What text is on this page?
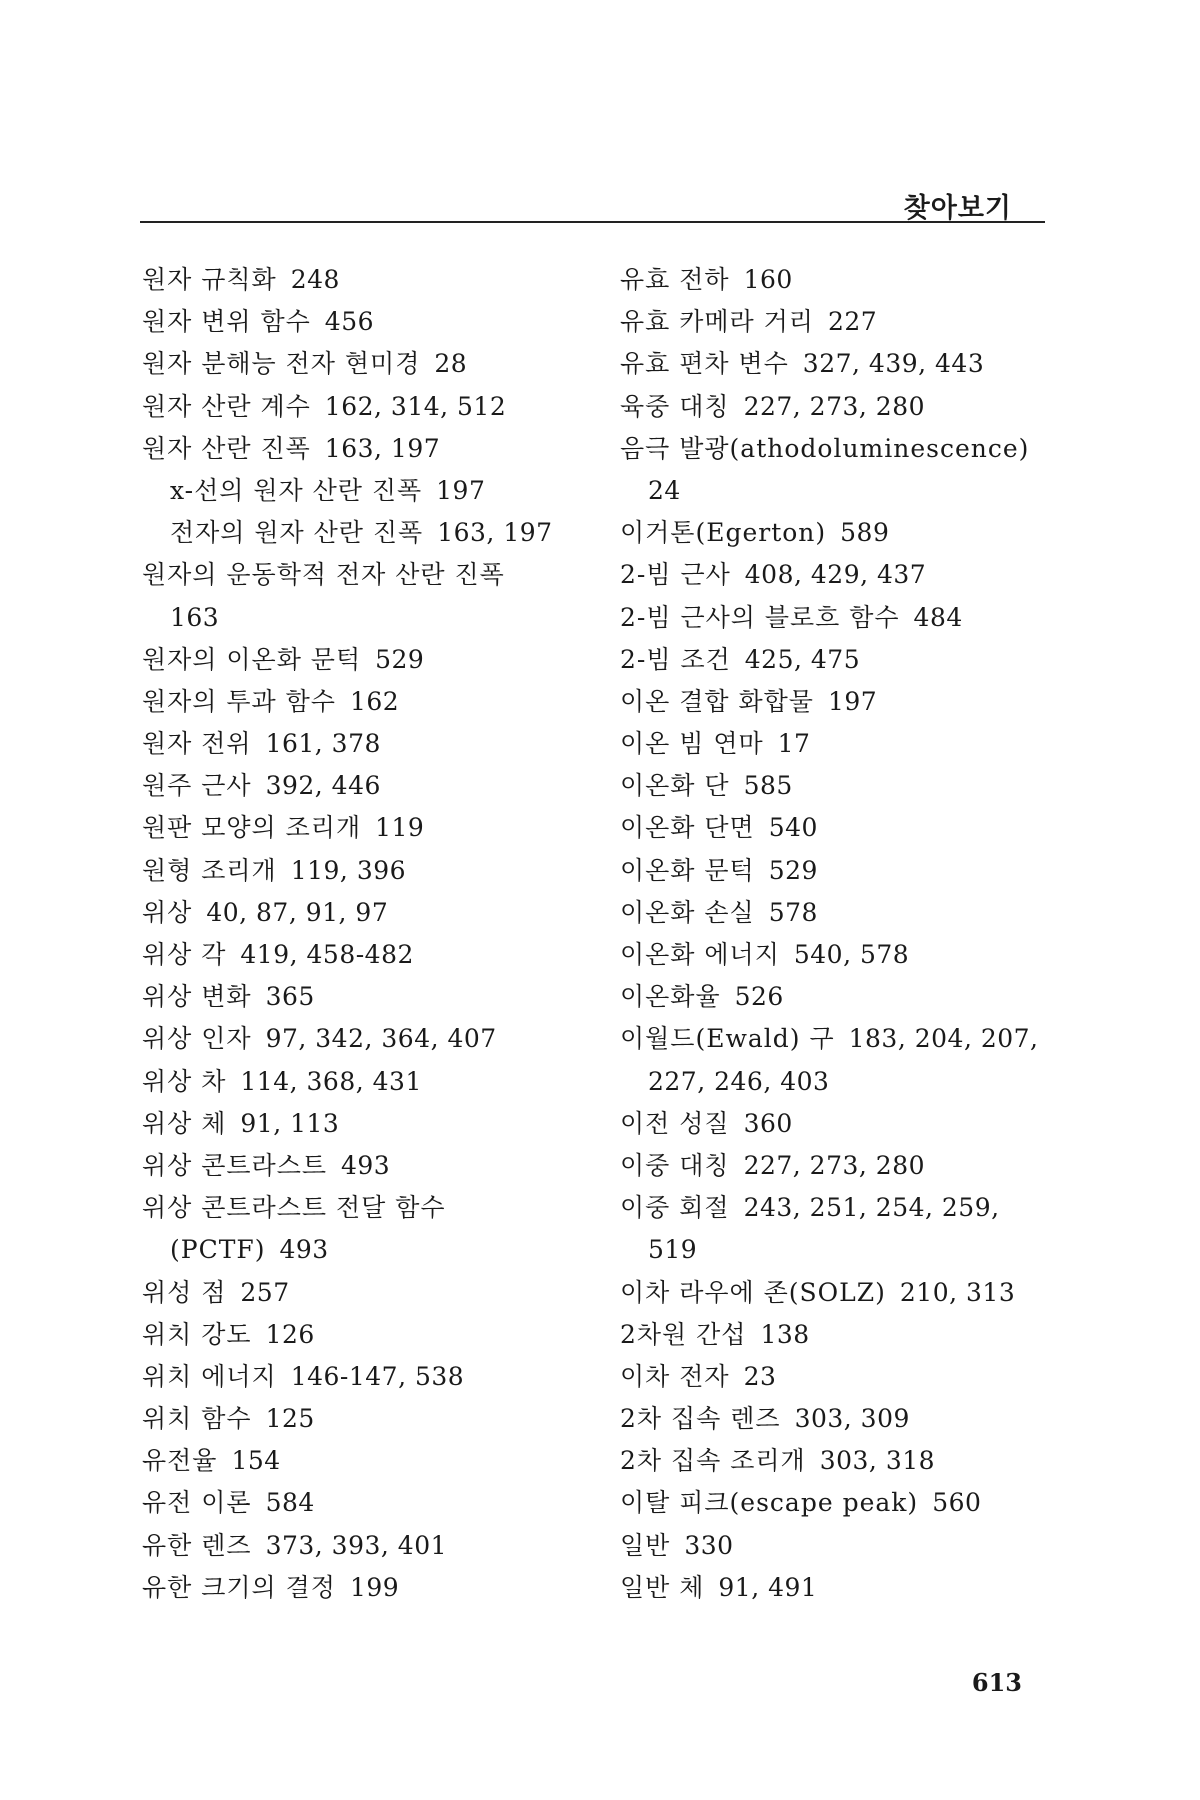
찾아보기
원자 규칙화 248
원자 변위 함수 456
원자 분해능 전자 현미경 28
원자 산란 계수 162, 314, 512
원자 산란 진폭 163, 197
x-선의 원자 산란 진폭 197
전자의 원자 산란 진폭 163, 197
원자의 운동학적 전자 산란 진폭
163
원자의 이온화 문턱 529
원자의 투과 함수 162
원자 전위 161, 378
원주 근사 392, 446
원판 모양의 조리개 119
원형 조리개 119, 396
위상 40, 87, 91, 97
위상 각 419, 458-482
위상 변화 365
위상 인자 97, 342, 364, 407
위상 차 114, 368, 431
위상 체 91, 113
위상 콘트라스트 493
위상 콘트라스트 전달 함수
(PCTF) 493
위성 점 257
위치 강도 126
위치 에너지 146-147, 538
위치 함수 125
유전율 154
유전 이론 584
유한 렌즈 373, 393, 401
유한 크기의 결정 199
유효 전하 160
유효 카메라 거리 227
유효 편차 변수 327, 439, 443
육중 대칭 227, 273, 280
음극 발광(athodoluminescence)
24
이거톤(Egerton) 589
2-빔 근사 408, 429, 437
2-빔 근사의 블로흐 함수 484
2-빔 조건 425, 475
이온 결합 화합물 197
이온 빔 연마 17
이온화 단 585
이온화 단면 540
이온화 문턱 529
이온화 손실 578
이온화 에너지 540, 578
이온화율 526
이월드(Ewald) 구 183, 204, 207,
227, 246, 403
이전 성질 360
이중 대칭 227, 273, 280
이중 회절 243, 251, 254, 259,
519
이차 라우에 존(SOLZ) 210, 313
2차원 간섭 138
이차 전자 23
2차 집속 렌즈 303, 309
2차 집속 조리개 303, 318
이탈 피크(escape peak) 560
일반 330
일반 체 91, 491
613
